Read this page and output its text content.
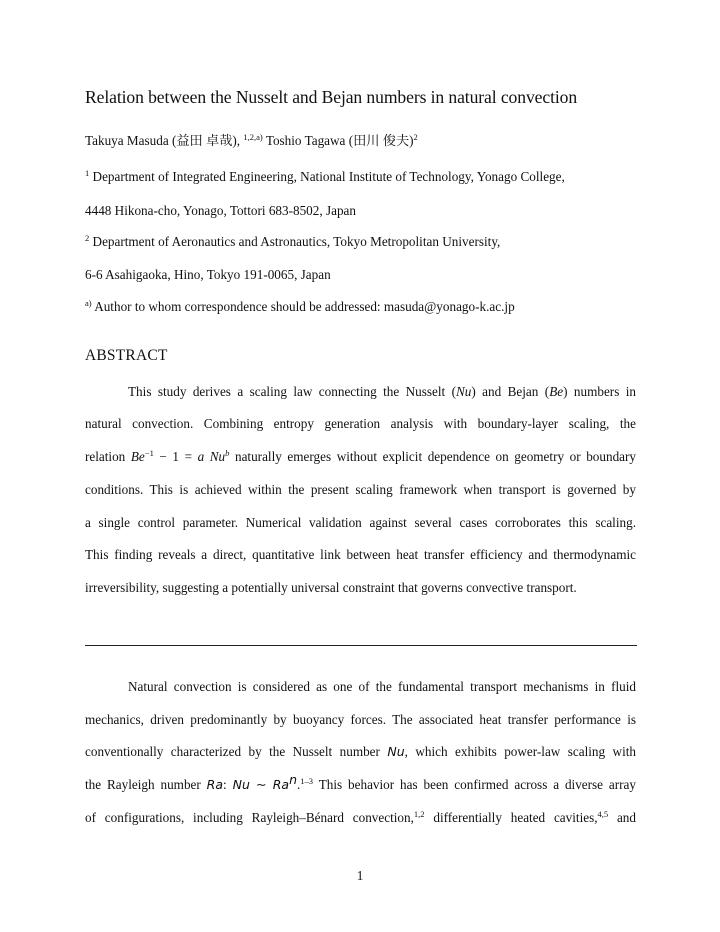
Relation between the Nusselt and Bejan numbers in natural convection
Takuya Masuda (益田 卓哉), $^{1,2,a)}$ Toshio Tagawa (田川 俊夫)$^2$
$^1$ Department of Integrated Engineering, National Institute of Technology, Yonago College,
4448 Hikona-cho, Yonago, Tottori 683-8502, Japan
$^2$ Department of Aeronautics and Astronautics, Tokyo Metropolitan University,
6-6 Asahigaoka, Hino, Tokyo 191-0065, Japan
$^{a)}$ Author to whom correspondence should be addressed: masuda@yonago-k.ac.jp
ABSTRACT
This study derives a scaling law connecting the Nusselt (Nu) and Bejan (Be) numbers in
natural convection. Combining entropy generation analysis with boundary-layer scaling, the
relation $Be^{-1} - 1 = a$ Nu$^b$ naturally emerges without explicit dependence on geometry or boundary
conditions. This is achieved within the present scaling framework when transport is governed by
a single control parameter. Numerical validation against several cases corroborates this scaling.
This finding reveals a direct, quantitative link between heat transfer efficiency and thermodynamic
irreversibility, suggesting a potentially universal constraint that governs convective transport.
Natural convection is considered as one of the fundamental transport mechanisms in fluid
mechanics, driven predominantly by buoyancy forces. The associated heat transfer performance is
conventionally characterized by the Nusselt number Nu, which exhibits power-law scaling with
the Rayleigh number Ra: Nu ∼ Ra$^n$.$^{1-3}$ This behavior has been confirmed across a diverse array
of configurations, including Rayleigh–Bénard convection,$^{1,2}$ differentially heated cavities,$^{4,5}$ and
1
